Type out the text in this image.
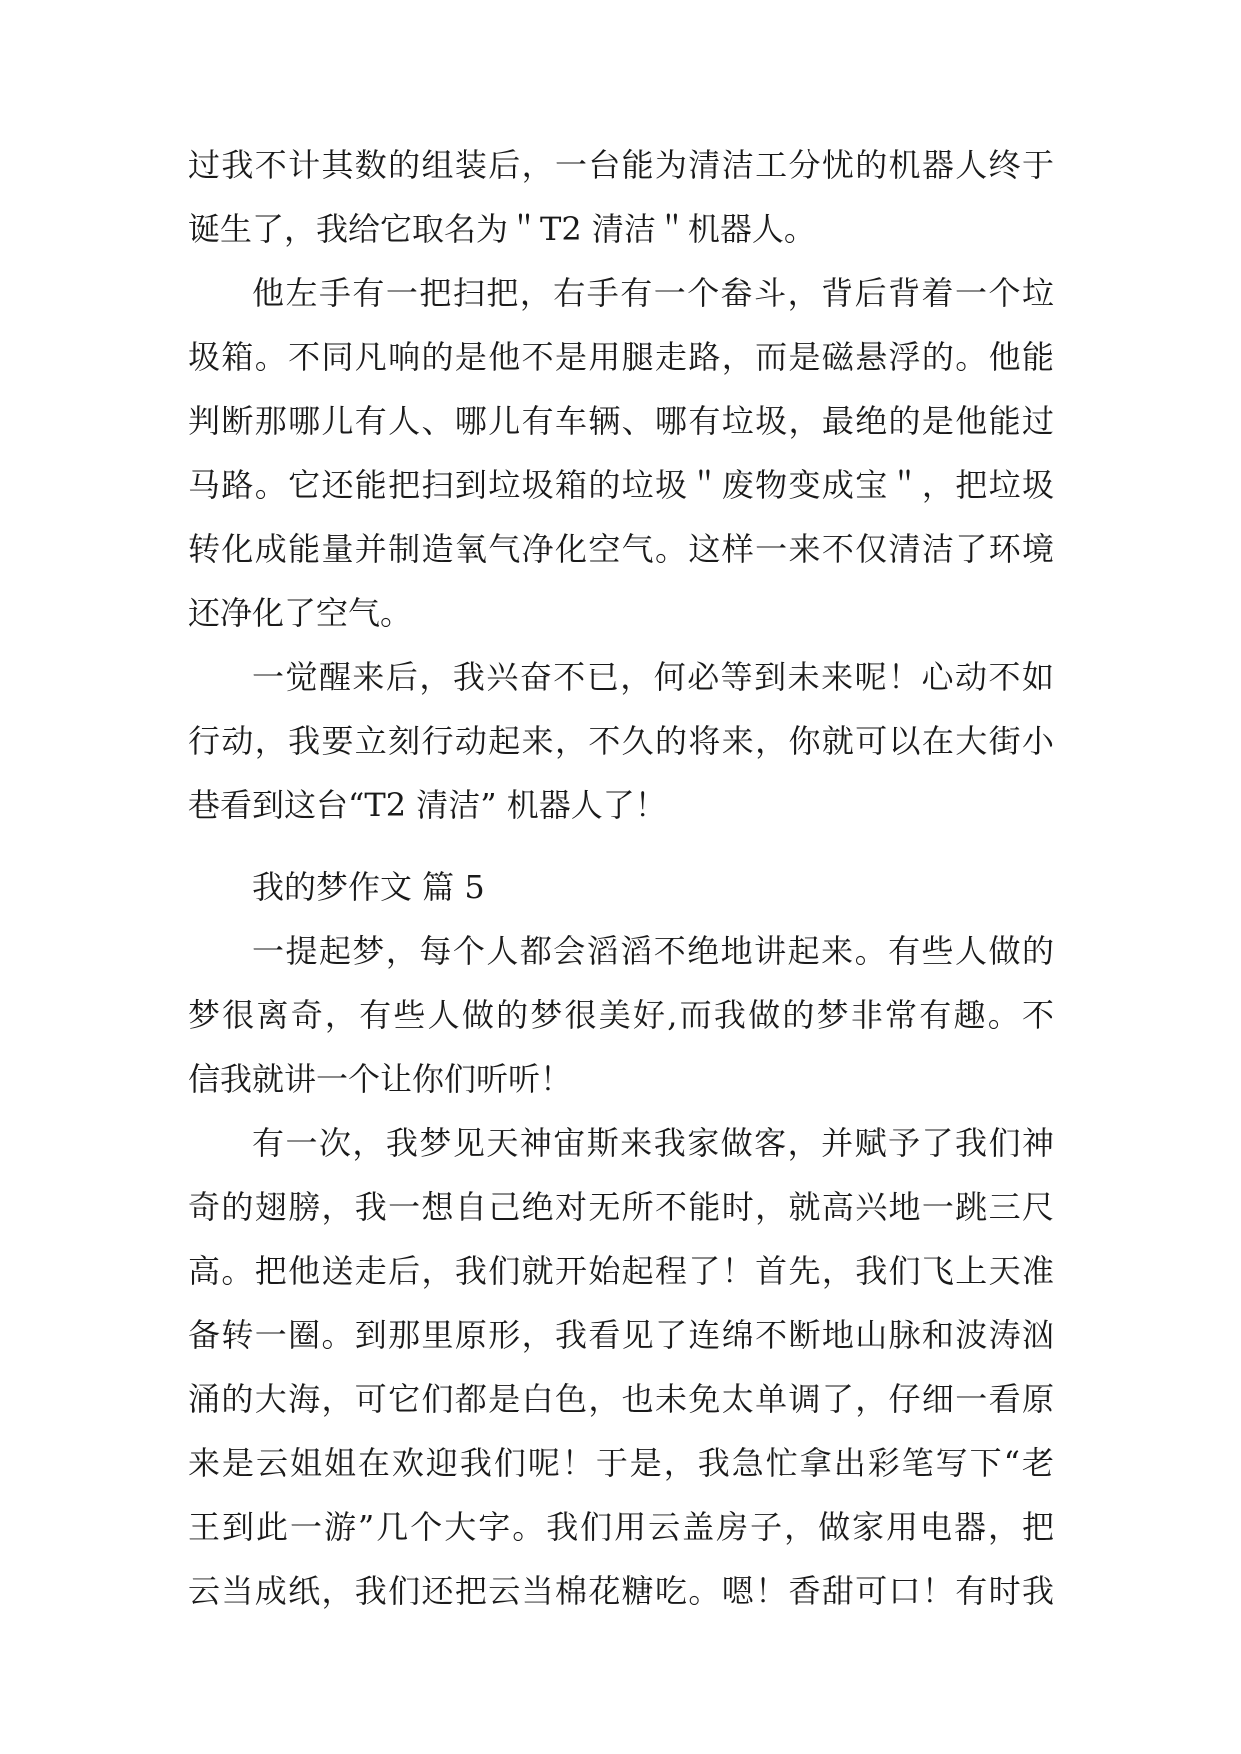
过我不计其数的组装后，一台能为清洁工分忧的机器人终于
诞生了，我给它取名为＂T2 清洁＂机器人。
他左手有一把扫把，右手有一个畚斗，背后背着一个垃
圾箱。不同凡响的是他不是用腿走路，而是磁悬浮的。他能
判断那哪儿有人、哪儿有车辆、哪有垃圾，最绝的是他能过
马路。它还能把扫到垃圾箱的垃圾＂废物变成宝＂，把垃圾
转化成能量并制造氧气净化空气。这样一来不仅清洁了环境
还净化了空气。
一觉醒来后，我兴奋不已，何必等到未来呢！心动不如
行动，我要立刻行动起来，不久的将来，你就可以在大街小
巷看到这台“T2 清洁” 机器人了！
我的梦作文 篇 5
一提起梦，每个人都会滔滔不绝地讲起来。有些人做的
梦很离奇，有些人做的梦很美好,而我做的梦非常有趣。不
信我就讲一个让你们听听！
有一次，我梦见天神宙斯来我家做客，并赋予了我们神
奇的翅膀，我一想自己绝对无所不能时，就高兴地一跳三尺
高。把他送走后，我们就开始起程了！首先，我们飞上天准
备转一圈。到那里原形，我看见了连绵不断地山脉和波涛汹
涌的大海，可它们都是白色，也未免太单调了，仔细一看原
来是云姐姐在欢迎我们呢！于是，我急忙拿出彩笔写下“老
王到此一游”几个大字。我们用云盖房子，做家用电器，把
云当成纸，我们还把云当棉花糖吃。嗯！香甜可口！有时我
